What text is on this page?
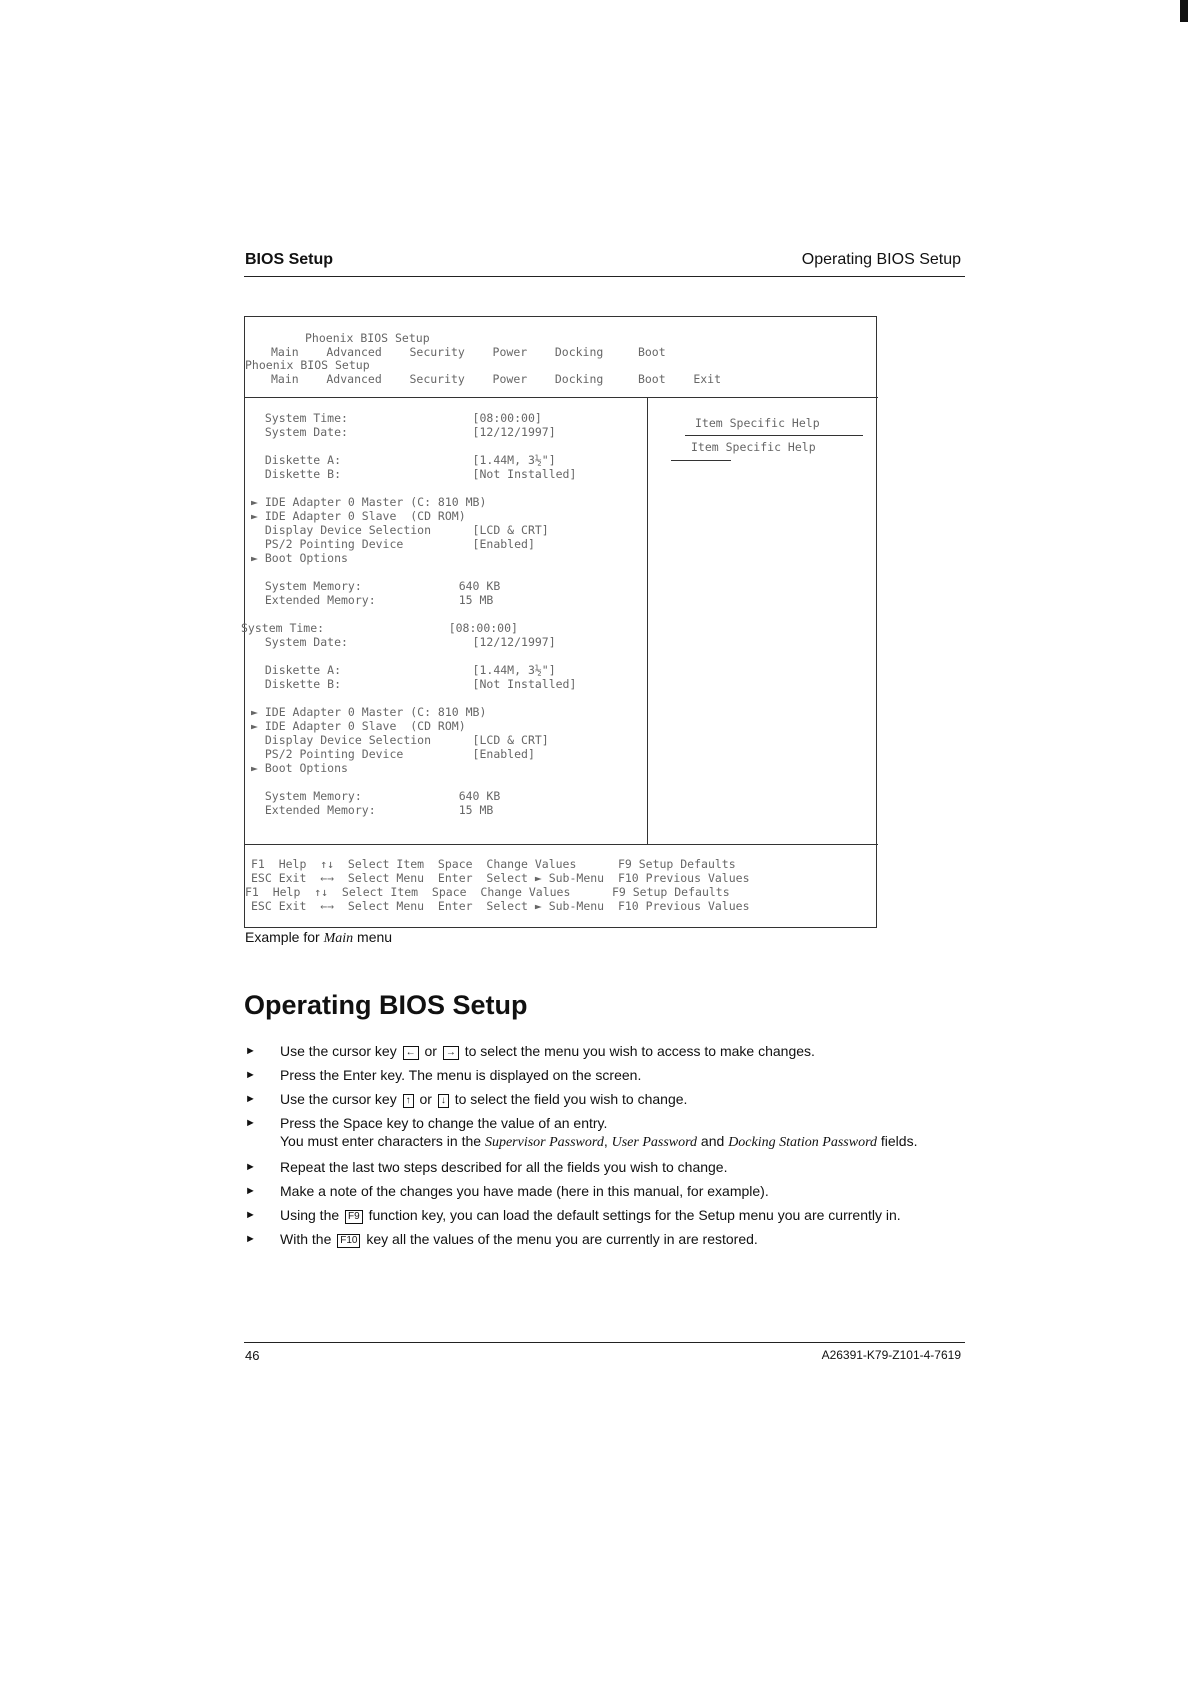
BIOS Setup	Operating BIOS Setup
Phoenix BIOS Setup
Main    Advanced    Security    Power    Docking     Boot
Phoenix BIOS Setup
Main    Advanced    Security    Power    Docking     Boot    Exit
System Time:                  [08:00:00]
System Date:                  [12/12/1997]
Diskette A:                   [1.44M, 3½"]
Diskette B:                   [Not Installed]
► IDE Adapter 0 Master (C: 810 MB)
► IDE Adapter 0 Slave  (CD ROM)
Display Device Selection      [LCD & CRT]
PS/2 Pointing Device          [Enabled]
► Boot Options
System Memory:              640 KB
Extended Memory:            15 MB
System Time:                  [08:00:00]
System Date:                  [12/12/1997]
Diskette A:                   [1.44M, 3½"]
Diskette B:                   [Not Installed]
► IDE Adapter 0 Master (C: 810 MB)
► IDE Adapter 0 Slave  (CD ROM)
Display Device Selection      [LCD & CRT]
PS/2 Pointing Device          [Enabled]
► Boot Options
System Memory:              640 KB
Extended Memory:            15 MB
Item Specific Help
Item Specific Help
F1  Help  ↑↓  Select Item  Space  Change Values      F9 Setup Defaults
ESC Exit  ←→  Select Menu  Enter  Select ► Sub-Menu  F10 Previous Values
F1  Help  ↑↓  Select Item  Space  Change Values      F9 Setup Defaults
ESC Exit  ←→  Select Menu  Enter  Select ► Sub-Menu  F10 Previous Values
Example for Main menu
Operating BIOS Setup
► Use the cursor key ← or → to select the menu you wish to access to make changes.
► Press the Enter key. The menu is displayed on the screen.
► Use the cursor key ↑ or ↓ to select the field you wish to change.
► Press the Space key to change the value of an entry.
You must enter characters in the Supervisor Password, User Password and Docking Station Password fields.
► Repeat the last two steps described for all the fields you wish to change.
► Make a note of the changes you have made (here in this manual, for example).
► Using the F9 function key, you can load the default settings for the Setup menu you are currently in.
► With the F10 key all the values of the menu you are currently in are restored.
46	A26391-K79-Z101-4-7619
